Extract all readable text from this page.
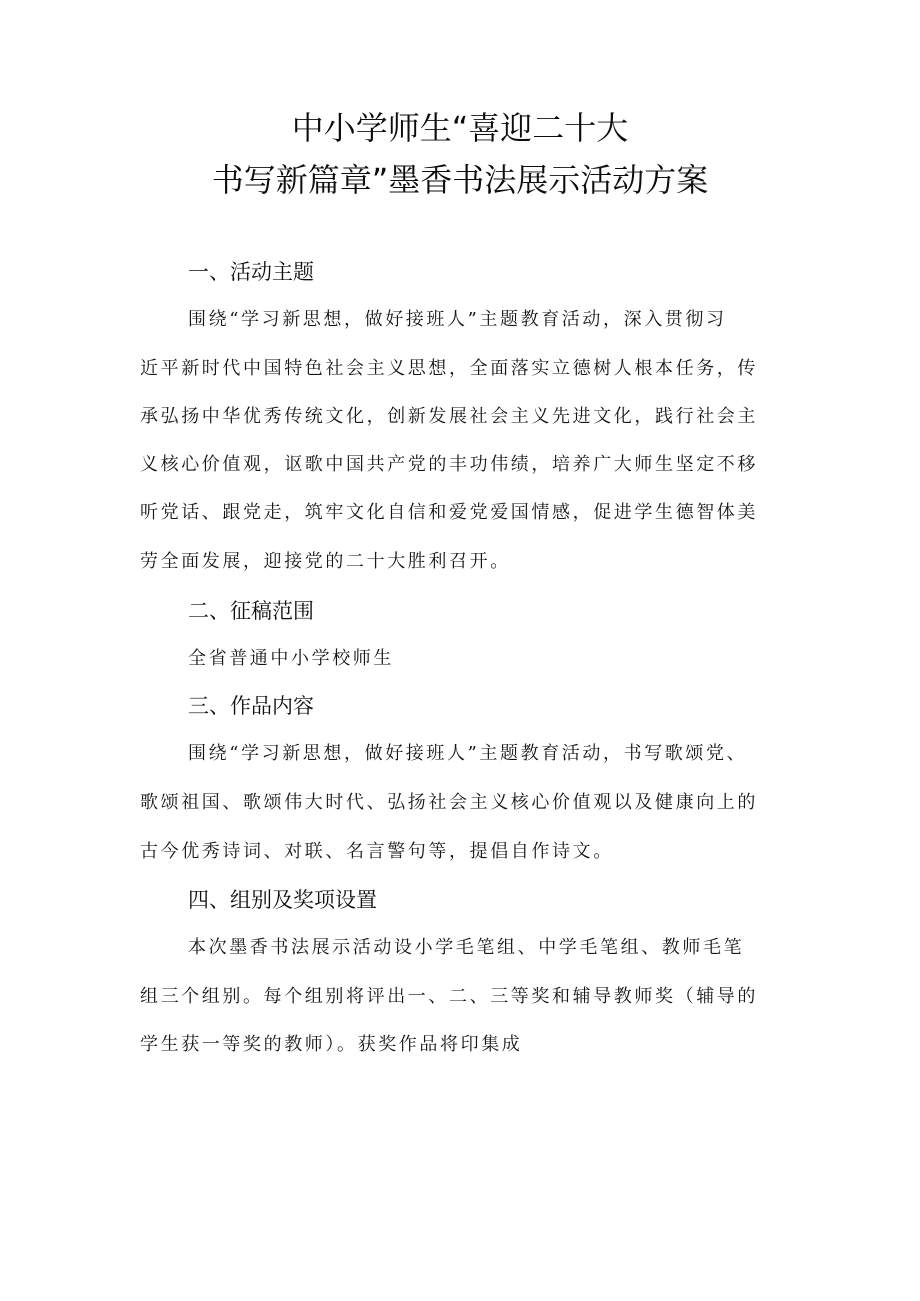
中小学师生“喜迎二十大
书写新篇章”墨香书法展示活动方案
一、活动主题
围绕“学习新思想，做好接班人”主题教育活动，深入贯彻习
近平新时代中国特色社会主义思想，全面落实立德树人根本任务，传
承弘扬中华优秀传统文化，创新发展社会主义先进文化，践行社会主
义核心价值观，讴歌中国共产党的丰功伟绩，培养广大师生坚定不移
听党话、跟党走，筑牢文化自信和爱党爱国情感，促进学生德智体美
劳全面发展，迎接党的二十大胜利召开。
二、征稿范围
全省普通中小学校师生
三、作品内容
围绕“学习新思想，做好接班人”主题教育活动，书写歌颂党、
歌颂祖国、歌颂伟大时代、弘扬社会主义核心价值观以及健康向上的
古今优秀诗词、对联、名言警句等，提倡自作诗文。
四、组别及奖项设置
本次墨香书法展示活动设小学毛笔组、中学毛笔组、教师毛笔
组三个组别。每个组别将评出一、二、三等奖和辅导教师奖（辅导的
学生获一等奖的教师）。获奖作品将印集成
